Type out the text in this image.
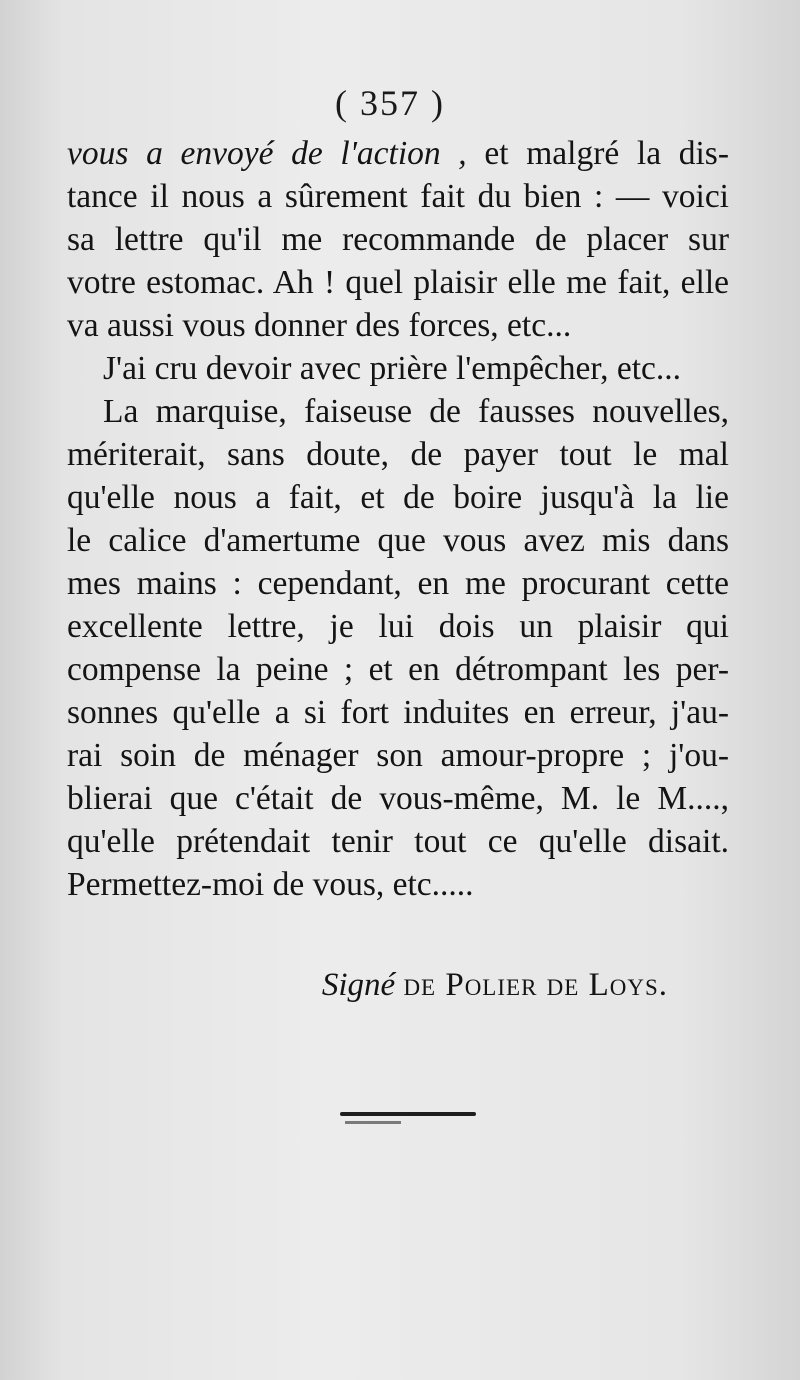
( 357 )
vous a envoyé de l'action , et malgré la dis-
tance il nous a sûrement fait du bien : — voici
sa lettre qu'il me recommande de placer sur
votre estomac. Ah ! quel plaisir elle me fait, elle
va aussi vous donner des forces, etc...
J'ai cru devoir avec prière l'empêcher, etc...
La marquise, faiseuse de fausses nouvelles,
mériterait, sans doute, de payer tout le mal
qu'elle nous a fait, et de boire jusqu'à la lie
le calice d'amertume que vous avez mis dans
mes mains : cependant, en me procurant cette
excellente lettre, je lui dois un plaisir qui
compense la peine ; et en détrompant les per-
sonnes qu'elle a si fort induites en erreur, j'au-
rai soin de ménager son amour-propre ; j'ou-
blierai que c'était de vous-même, M. le M....,
qu'elle prétendait tenir tout ce qu'elle disait.
Permettez-moi de vous, etc.....
Signé de Polier de Loys.
